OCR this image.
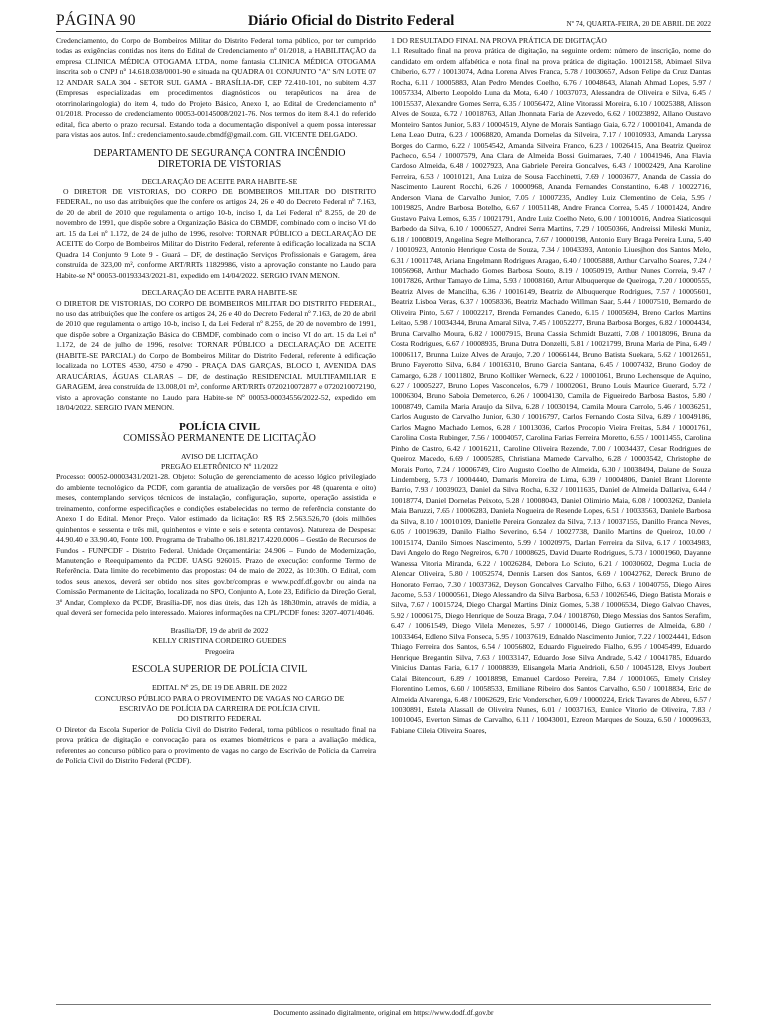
PÁGINA 90	Diário Oficial do Distrito Federal	Nº 74, QUARTA-FEIRA, 20 DE ABRIL DE 2022

Credenciamento, do Corpo de Bombeiros Militar do Distrito Federal torna público, por ter cumprido todas as exigências contidas nos itens do Edital de Credenciamento nº 01/2018, a HABILITAÇÃO da empresa CLINICA MÉDICA OTOGAMA LTDA, nome fantasia CLINICA MÉDICA OTOGAMA inscrita sob o CNPJ nº 14.618.038/0001-90 e situada na QUADRA 01 CONJUNTO "A" S/N LOTE 07 12 ANDAR SALA 304 - SETOR SUL GAMA - BRASÍLIA-DF, CEP 72.410-101, no subitem 4.37 (Empresas especializadas em procedimentos diagnósticos ou terapêuticos na área de otorrinolaringologia) do item 4, tudo do Projeto Básico, Anexo I, ao Edital de Credenciamento nº 01/2018. Processo de credenciamento 00053-00145008/2021-76. Nos termos do item 8.4.1 do referido edital, fica aberto o prazo recursal. Estando toda a documentação disponível a quem possa interessar para vistas aos autos. Inf.: credenciamento.saude.cbmdf@gmail.com. GIL VICENTE DELGADO.

DEPARTAMENTO DE SEGURANÇA CONTRA INCÊNDIO

DIRETORIA DE VISTORIAS

DECLARAÇÃO DE ACEITE PARA HABITE-SE

O DIRETOR DE VISTORIAS, DO CORPO DE BOMBEIROS MILITAR DO DISTRITO FEDERAL, no uso das atribuições que lhe confere os artigos 24, 26 e 40 do Decreto Federal nº 7.163, de 20 de abril de 2010 que regulamenta o artigo 10-b, inciso I, da Lei Federal nº 8.255, de 20 de novembro de 1991, que dispõe sobre a Organização Básica do CBMDF, combinado com o inciso VI do art. 15 da Lei nº 1.172, de 24 de julho de 1996, resolve: TORNAR PÚBLICO a DECLARAÇÃO DE ACEITE do Corpo de Bombeiros Militar do Distrito Federal, referente à edificação localizada na SCIA Quadra 14 Conjunto 9 Lote 9 - Guará – DF, de destinação Serviços Profissionais e Garagem, área construída de 323,00 m², conforme ART/RRTs 11829986, visto a aprovação constante no Laudo para Habite-se Nº 00053-00193343/2021-81, expedido em 14/04/2022. SERGIO IVAN MENON.

DECLARAÇÃO DE ACEITE PARA HABITE-SE

O DIRETOR DE VISTORIAS, DO CORPO DE BOMBEIROS MILITAR DO DISTRITO FEDERAL, no uso das atribuições que lhe confere os artigos 24, 26 e 40 do Decreto Federal nº 7.163, de 20 de abril de 2010 que regulamenta o artigo 10-b, inciso I, da Lei Federal nº 8.255, de 20 de novembro de 1991, que dispõe sobre a Organização Básica do CBMDF, combinado com o inciso VI do art. 15 da Lei nº 1.172, de 24 de julho de 1996, resolve: TORNAR PÚBLICO a DECLARAÇÃO DE ACEITE (HABITE-SE PARCIAL) do Corpo de Bombeiros Militar do Distrito Federal, referente à edificação localizada no LOTES 4530, 4750 e 4790 - PRAÇA DAS GARÇAS, BLOCO I, AVENIDA DAS ARAUCÁRIAS, ÁGUAS CLARAS – DF, de destinação RESIDENCIAL MULTIFAMILIAR E GARAGEM, área construída de 13.008,01 m², conforme ART/RRTs 0720210072877 e 0720210072190, visto a aprovação constante no Laudo para Habite-se Nº 00053-00034556/2022-52, expedido em 18/04/2022. SERGIO IVAN MENON.

POLÍCIA CIVIL

COMISSÃO PERMANENTE DE LICITAÇÃO

AVISO DE LICITAÇÃO

PREGÃO ELETRÔNICO Nº 11/2022

Processo: 00052-00003431/2021-28. Objeto: Solução de gerenciamento de acesso lógico privilegiado do ambiente tecnológico da PCDF, com garantia de atualização de versões por 48 (quarenta e oito) meses, contemplando serviços técnicos de instalação, configuração, suporte, operação assistida e treinamento, conforme especificações e condições estabelecidas no termo de referência constante do Anexo I do Edital. Menor Preço. Valor estimado da licitação: R$ R$ 2.563.526,70 (dois milhões quinhentos e sessenta e três mil, quinhentos e vinte e seis e setenta centavos). Natureza de Despesa: 44.90.40 e 33.90.40, Fonte 100. Programa de Trabalho 06.181.8217.4220.0006 – Gestão de Recursos de Fundos - FUNPCDF - Distrito Federal. Unidade Orçamentária: 24.906 – Fundo de Modernização, Manutenção e Reequipamento da PCDF. UASG 926015. Prazo de execução: conforme Termo de Referência. Data limite do recebimento das propostas: 04 de maio de 2022, às 10:30h. O Edital, com todos seus anexos, deverá ser obtido nos sites gov.br/compras e www.pcdf.df.gov.br ou ainda na Comissão Permanente de Licitação, localizada no SPO, Conjunto A, Lote 23, Edifício da Direção Geral, 3º Andar, Complexo da PCDF, Brasília-DF, nos dias úteis, das 12h às 18h30min, através de mídia, a qual deverá ser fornecida pelo interessado. Maiores informações na CPL/PCDF fones: 3207-4071/4046.

Brasília/DF, 19 de abril de 2022

KELLY CRISTINA CORDEIRO GUEDES

Pregoeira

ESCOLA SUPERIOR DE POLÍCIA CIVIL

EDITAL Nº 25, DE 19 DE ABRIL DE 2022

CONCURSO PÚBLICO PARA O PROVIMENTO DE VAGAS NO CARGO DE

ESCRIVÃO DE POLÍCIA DA CARREIRA DE POLÍCIA CIVIL

DO DISTRITO FEDERAL

O Diretor da Escola Superior de Polícia Civil do Distrito Federal, torna públicos o resultado final na prova prática de digitação e convocação para os exames biométricos e para a avaliação médica, referentes ao concurso público para o provimento de vagas no cargo de Escrivão de Polícia da Carreira de Polícia Civil do Distrito Federal (PCDF).

1 DO RESULTADO FINAL NA PROVA PRÁTICA DE DIGITAÇÃO

1.1 Resultado final na prova prática de digitação, na seguinte ordem: número de inscrição, nome do candidato em ordem alfabética e nota final na prova prática de digitação. 10012158, Abimael Silva Chiberio, 6.77 / 10013074, Adna Lorena Alves Franca, 5.78 / 10030657, Adson Felipe da Cruz Dantas Rocha, 6.11 / 10005883, Alan Pedro Mendes Coelho, 6.76 / 10048643, Alanah Ahmad Lopes, 5.97 / 10057334, Alberto Leopoldo Luna da Mota, 6.40 / 10037073, Alessandra de Oliveira e Silva, 6.45 / 10015537, Alexandre Gomes Serra, 6.35 / 10056472, Aline Vitorassi Moreira, 6.10 / 10025388, Alisson Alves de Souza, 6.72 / 10018763, Allan Jhonnata Faria de Azevedo, 6.62 / 10023892, Allano Oustavo Monteiro Santos Junior, 5.83 / 10004519, Alyne de Morais Santiago Gaia, 6.72 / 10001041, Amanda de Lena Leao Dutra, 6.23 / 10068820, Amanda Dornelas da Silveira, 7.17 / 10010933, Amanda Laryssa Borges do Carmo, 6.22 / 10054542, Amanda Silveira Franco, 6.23 / 10026415, Ana Beatriz Queiroz Pacheco, 6.54 / 10007579, Ana Clara de Almeida Bossi Guimaraes, 7.40 / 10041946, Ana Flavia Cardoso Almeida, 6.48 / 10027923, Ana Gabriele Pereira Goncalves, 6.43 / 10002429, Ana Karoline Ferreira, 6.53 / 10010121, Ana Luiza de Sousa Facchinetti, 7.69 / 10003677, Ananda de Cassia do Nascimento Laurent Rocchi, 6.26 / 10000968, Ananda Fernandes Constantino, 6.48 / 10022716, Anderson Viana de Carvalho Junior, 7.05 / 10007235, Andley Luiz Clementino de Ceia, 5.95 / 10019825, Andre Barbosa Botelho, 6.67 / 10051148, Andre Franca Correa, 5.45 / 10001424, Andre Gustavo Paiva Lemos, 6.35 / 10021791, Andre Luiz Coelho Neto, 6.00 / 10010016, Andrea Siaticosqui Barbedo da Silva, 6.10 / 10006527, Andrei Serra Martins, 7.29 / 10050366, Andreissi Mileski Muniz, 6.18 / 10008019, Angelina Segre Melhoranca, 7.67 / 10000198, Antonio Eury Braga Pereira Luna, 5.40 / 10010923, Antonio Henrique Costa de Souza, 7.34 / 10043393, Antonio Liuesjhon dos Santos Melo, 6.31 / 10011748, Ariana Engelmann Rodrigues Aragao, 6.40 / 10005888, Arthur Carvalho Soares, 7.24 / 10056968, Arthur Machado Gomes Barbosa Souto, 8.19 / 10050919, Arthur Nunes Correia, 9.47 / 10017826, Arthur Tamayo de Lima, 5.93 / 10008160, Artur Albuquerque de Queiroga, 7.20 / 10000555, Beatriz Alves de Mancilha, 6.36 / 10016149, Beatriz de Albuquerque Rodrigues, 7.57 / 10005601, Beatriz Lisboa Veras, 6.37 / 10058336, Beatriz Machado Willman Saar, 5.44 / 10007510, Bernardo de Oliveira Pinto, 5.67 / 10002217, Brenda Fernandes Canedo, 6.15 / 10005694, Breno Carlos Martins Leitao, 5.98 / 10034344, Bruna Amaral Silva, 7.45 / 10052277, Bruna Barbosa Borges, 6.82 / 10004434, Bruna Carvalho Moura, 6.82 / 10007915, Bruna Cassia Schmidt Buzatti, 7.08 / 10018096, Bruna da Costa Rodrigues, 6.67 / 10008935, Bruna Dutra Donzelli, 5.81 / 10021799, Bruna Maria de Pina, 6.49 / 10006117, Brunna Luize Alves de Araujo, 7.20 / 10066144, Bruno Batista Suekara, 5.62 / 10012651, Bruno Fayerotto Silva, 6.84 / 10016310, Bruno Garcia Santana, 6.45 / 10007432, Bruno Godoy de Camargo, 6.28 / 10011802, Bruno Kolliker Werneck, 6.22 / 10001061, Bruno Lechensque de Aquino, 6.27 / 10005227, Bruno Lopes Vasconcelos, 6.79 / 10002061, Bruno Louis Maurice Guerard, 5.72 / 10006304, Bruno Saboia Demeterco, 6.26 / 10004130, Camila de Figueiredo Barbosa Bastos, 5.80 / 10008749, Camila Maria Araujo da Silva, 6.28 / 10030194, Camila Moura Carrolo, 5.46 / 10036251, Carlos Augusto de Carvalho Junior, 6.30 / 10016797, Carlos Fernando Costa Silva, 6.89 / 10049186, Carlos Magno Machado Lemos, 6.28 / 10013036, Carlos Procopio Vieira Freitas, 5.84 / 10001761, Carolina Costa Rubinger, 7.56 / 10004057, Carolina Farias Ferreira Moretto, 6.55 / 10011455, Carolina Pinho de Castro, 6.42 / 10016211, Caroline Oliveira Rezende, 7.00 / 10034437, Cesar Rodrigues de Queiroz Macedo, 6.69 / 10005285, Christiana Mamede Carvalho, 6.28 / 10003542, Christophe de Morais Porto, 7.24 / 10006749, Ciro Augusto Coelho de Almeida, 6.30 / 10038494, Daiane de Souza Lindemberg, 5.73 / 10004440, Damaris Moreira de Lima, 6.39 / 10004806, Daniel Brant Llorente Barrio, 7.93 / 10039023, Daniel da Silva Rocha, 6.32 / 10011635, Daniel de Almeida Dallariva, 6.44 / 10018774, Daniel Dornelas Peixoto, 5.28 / 10008043, Daniel Olimirio Maia, 6.08 / 10003262, Daniela Maia Baruzzi, 7.65 / 10006283, Daniela Nogueira de Resende Lopes, 6.51 / 10033563, Daniele Barbosa da Silva, 8.10 / 10010109, Danielle Pereira Gonzalez da Silva, 7.13 / 10037155, Danillo Franca Neves, 6.05 / 10019639, Danilo Fialho Severino, 6.54 / 10027738, Danilo Martins de Queiroz, 10.00 / 10015174, Danilo Simoes Nascimento, 5.99 / 10020975, Darlan Ferreira da Silva, 6.17 / 10034983, Davi Angelo do Rego Negreiros, 6.70 / 10008625, David Duarte Rodrigues, 5.73 / 10001960, Dayanne Wanessa Vitoria Miranda, 6.22 / 10026284, Debora Lo Sciuto, 6.21 / 10030602, Degma Lucia de Alencar Oliveira, 5.80 / 10052574, Dennis Larsen dos Santos, 6.69 / 10042762, Dereck Bruno de Honorato Ferrao, 7.30 / 10037362, Deyson Goncalves Carvalho Filho, 6.63 / 10040755, Diego Aires Jacome, 5.53 / 10000561, Diego Alessandro da Silva Barbosa, 6.53 / 10026546, Diego Batista Morais e Silva, 7.67 / 10015724, Diego Chargal Martins Diniz Gomes, 5.38 / 10006534, Diego Galvao Chaves, 5.92 / 10006175, Diego Henrique de Souza Braga, 7.04 / 10018760, Diego Messias dos Santos Serafim, 6.47 / 10061549, Diego Vilela Menezes, 5.97 / 10000146, Diego Gutierres de Almeida, 6.80 / 10033464, Edleno Silva Fonseca, 5.95 / 10037619, Ednaldo Nascimento Junior, 7.22 / 10024441, Edson Thiago Ferreira dos Santos, 6.54 / 10056802, Eduardo Figueiredo Fialho, 6.95 / 10045499, Eduardo Henrique Bregantin Silva, 7.63 / 10033147, Eduardo Jose Silva Andrade, 5.42 / 10041785, Eduardo Vinicius Dantas Faria, 6.17 / 10008839, Elisangela Maria Andrioli, 6.50 / 10045128, Elvys Joubert Calai Bitencourt, 6.89 / 10018898, Emanuel Cardoso Pereira, 7.84 / 10001065, Emely Crisley Florentino Lemos, 6.60 / 10058533, Emiliane Ribeiro dos Santos Carvalho, 6.50 / 10018834, Eric de Almeida Alvarenga, 6.48 / 10062629, Eric Vonderscher, 6.09 / 10000224, Erick Tavares de Abreu, 6.57 / 10030891, Estela Alassall de Oliveira Nunes, 6.01 / 10037163, Eunice Vitorio de Oliveira, 7.83 / 10010045, Everton Simas de Carvalho, 6.11 / 10043001, Ezreon Marques de Souza, 6.50 / 10009633, Fabiane Cileia Oliveira Soares,

Documento assinado digitalmente, original em https://www.dodf.df.gov.br
